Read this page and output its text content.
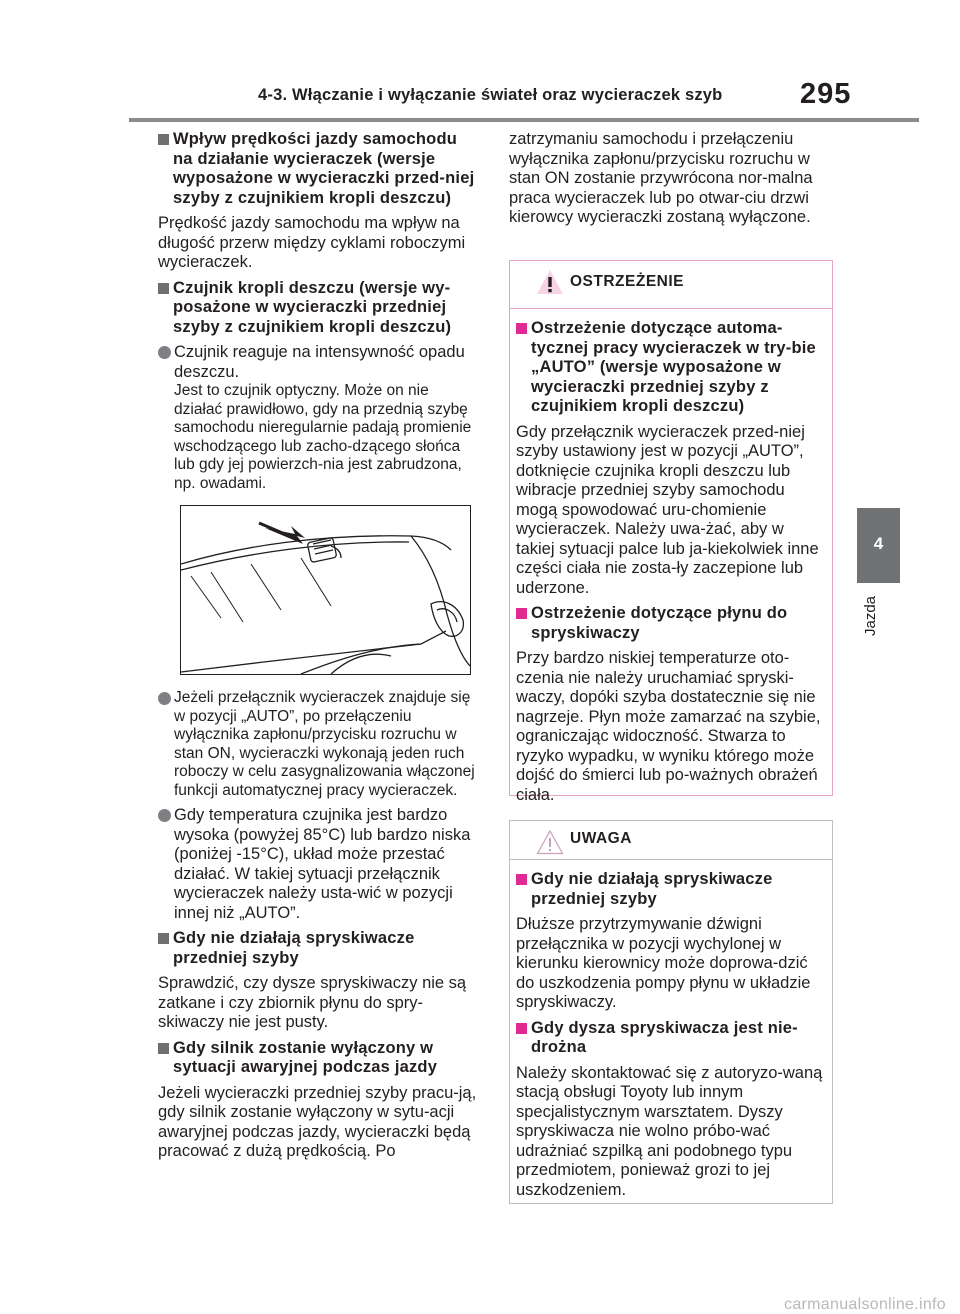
4-3. Włączanie i wyłączanie świateł oraz wycieraczek szyb	295
4
Jazda
Wpływ prędkości jazdy samochodu na działanie wycieraczek (wersje wyposażone w wycieraczki przed-niej szyby z czujnikiem kropli deszczu)
Prędkość jazdy samochodu ma wpływ na długość przerw między cyklami roboczymi wycieraczek.
Czujnik kropli deszczu (wersje wy-posażone w wycieraczki przedniej szyby z czujnikiem kropli deszczu)
Czujnik reaguje na intensywność opadu deszczu.
Jest to czujnik optyczny. Może on nie działać prawidłowo, gdy na przednią szybę samochodu nieregularnie padają promienie wschodzącego lub zacho-dzącego słońca lub gdy jej powierzch-nia jest zabrudzona, np. owadami.
Jeżeli przełącznik wycieraczek znajduje się w pozycji „AUTO”, po przełączeniu wyłącznika zapłonu/przycisku rozruchu w stan ON, wycieraczki wykonają jeden ruch roboczy w celu zasygnalizowania włączonej funkcji automatycznej pracy wycieraczek.
Gdy temperatura czujnika jest bardzo wysoka (powyżej 85°C) lub bardzo niska (poniżej -15°C), układ może przestać działać. W takiej sytuacji przełącznik wycieraczek należy usta-wić w pozycji innej niż „AUTO”.
Gdy nie działają spryskiwacze przedniej szyby
Sprawdzić, czy dysze spryskiwaczy nie są zatkane i czy zbiornik płynu do spry-skiwaczy nie jest pusty.
Gdy silnik zostanie wyłączony w sytuacji awaryjnej podczas jazdy
Jeżeli wycieraczki przedniej szyby pracu-ją, gdy silnik zostanie wyłączony w sytu-acji awaryjnej podczas jazdy, wycieraczki będą pracować z dużą prędkością. Po
zatrzymaniu samochodu i przełączeniu wyłącznika zapłonu/przycisku rozruchu w stan ON zostanie przywrócona nor-malna praca wycieraczek lub po otwar-ciu drzwi kierowcy wycieraczki zostaną wyłączone.
OSTRZEŻENIE
Ostrzeżenie dotyczące automa-tycznej pracy wycieraczek w try-bie „AUTO” (wersje wyposażone w wycieraczki przedniej szyby z czujnikiem kropli deszczu)
Gdy przełącznik wycieraczek przed-niej szyby ustawiony jest w pozycji „AUTO”, dotknięcie czujnika kropli deszczu lub wibracje przedniej szyby samochodu mogą spowodować uru-chomienie wycieraczek. Należy uwa-żać, aby w takiej sytuacji palce lub ja-kiekolwiek inne części ciała nie zosta-ły zaczepione lub uderzone.
Ostrzeżenie dotyczące płynu do spryskiwaczy
Przy bardzo niskiej temperaturze oto-czenia nie należy uruchamiać spryski-waczy, dopóki szyba dostatecznie się nie nagrzeje. Płyn może zamarzać na szybie, ograniczając widoczność. Stwarza to ryzyko wypadku, w wyniku którego może dojść do śmierci lub po-ważnych obrażeń ciała.
UWAGA
Gdy nie działają spryskiwacze przedniej szyby
Dłuższe przytrzymywanie dźwigni przełącznika w pozycji wychylonej w kierunku kierownicy może doprowa-dzić do uszkodzenia pompy płynu w układzie spryskiwaczy.
Gdy dysza spryskiwacza jest nie-drożna
Należy skontaktować się z autoryzo-waną stacją obsługi Toyoty lub innym specjalistycznym warsztatem. Dyszy spryskiwacza nie wolno próbo-wać udrażniać szpilką ani podobnego typu przedmiotem, ponieważ grozi to jej uszkodzeniem.
carmanualsonline.info
